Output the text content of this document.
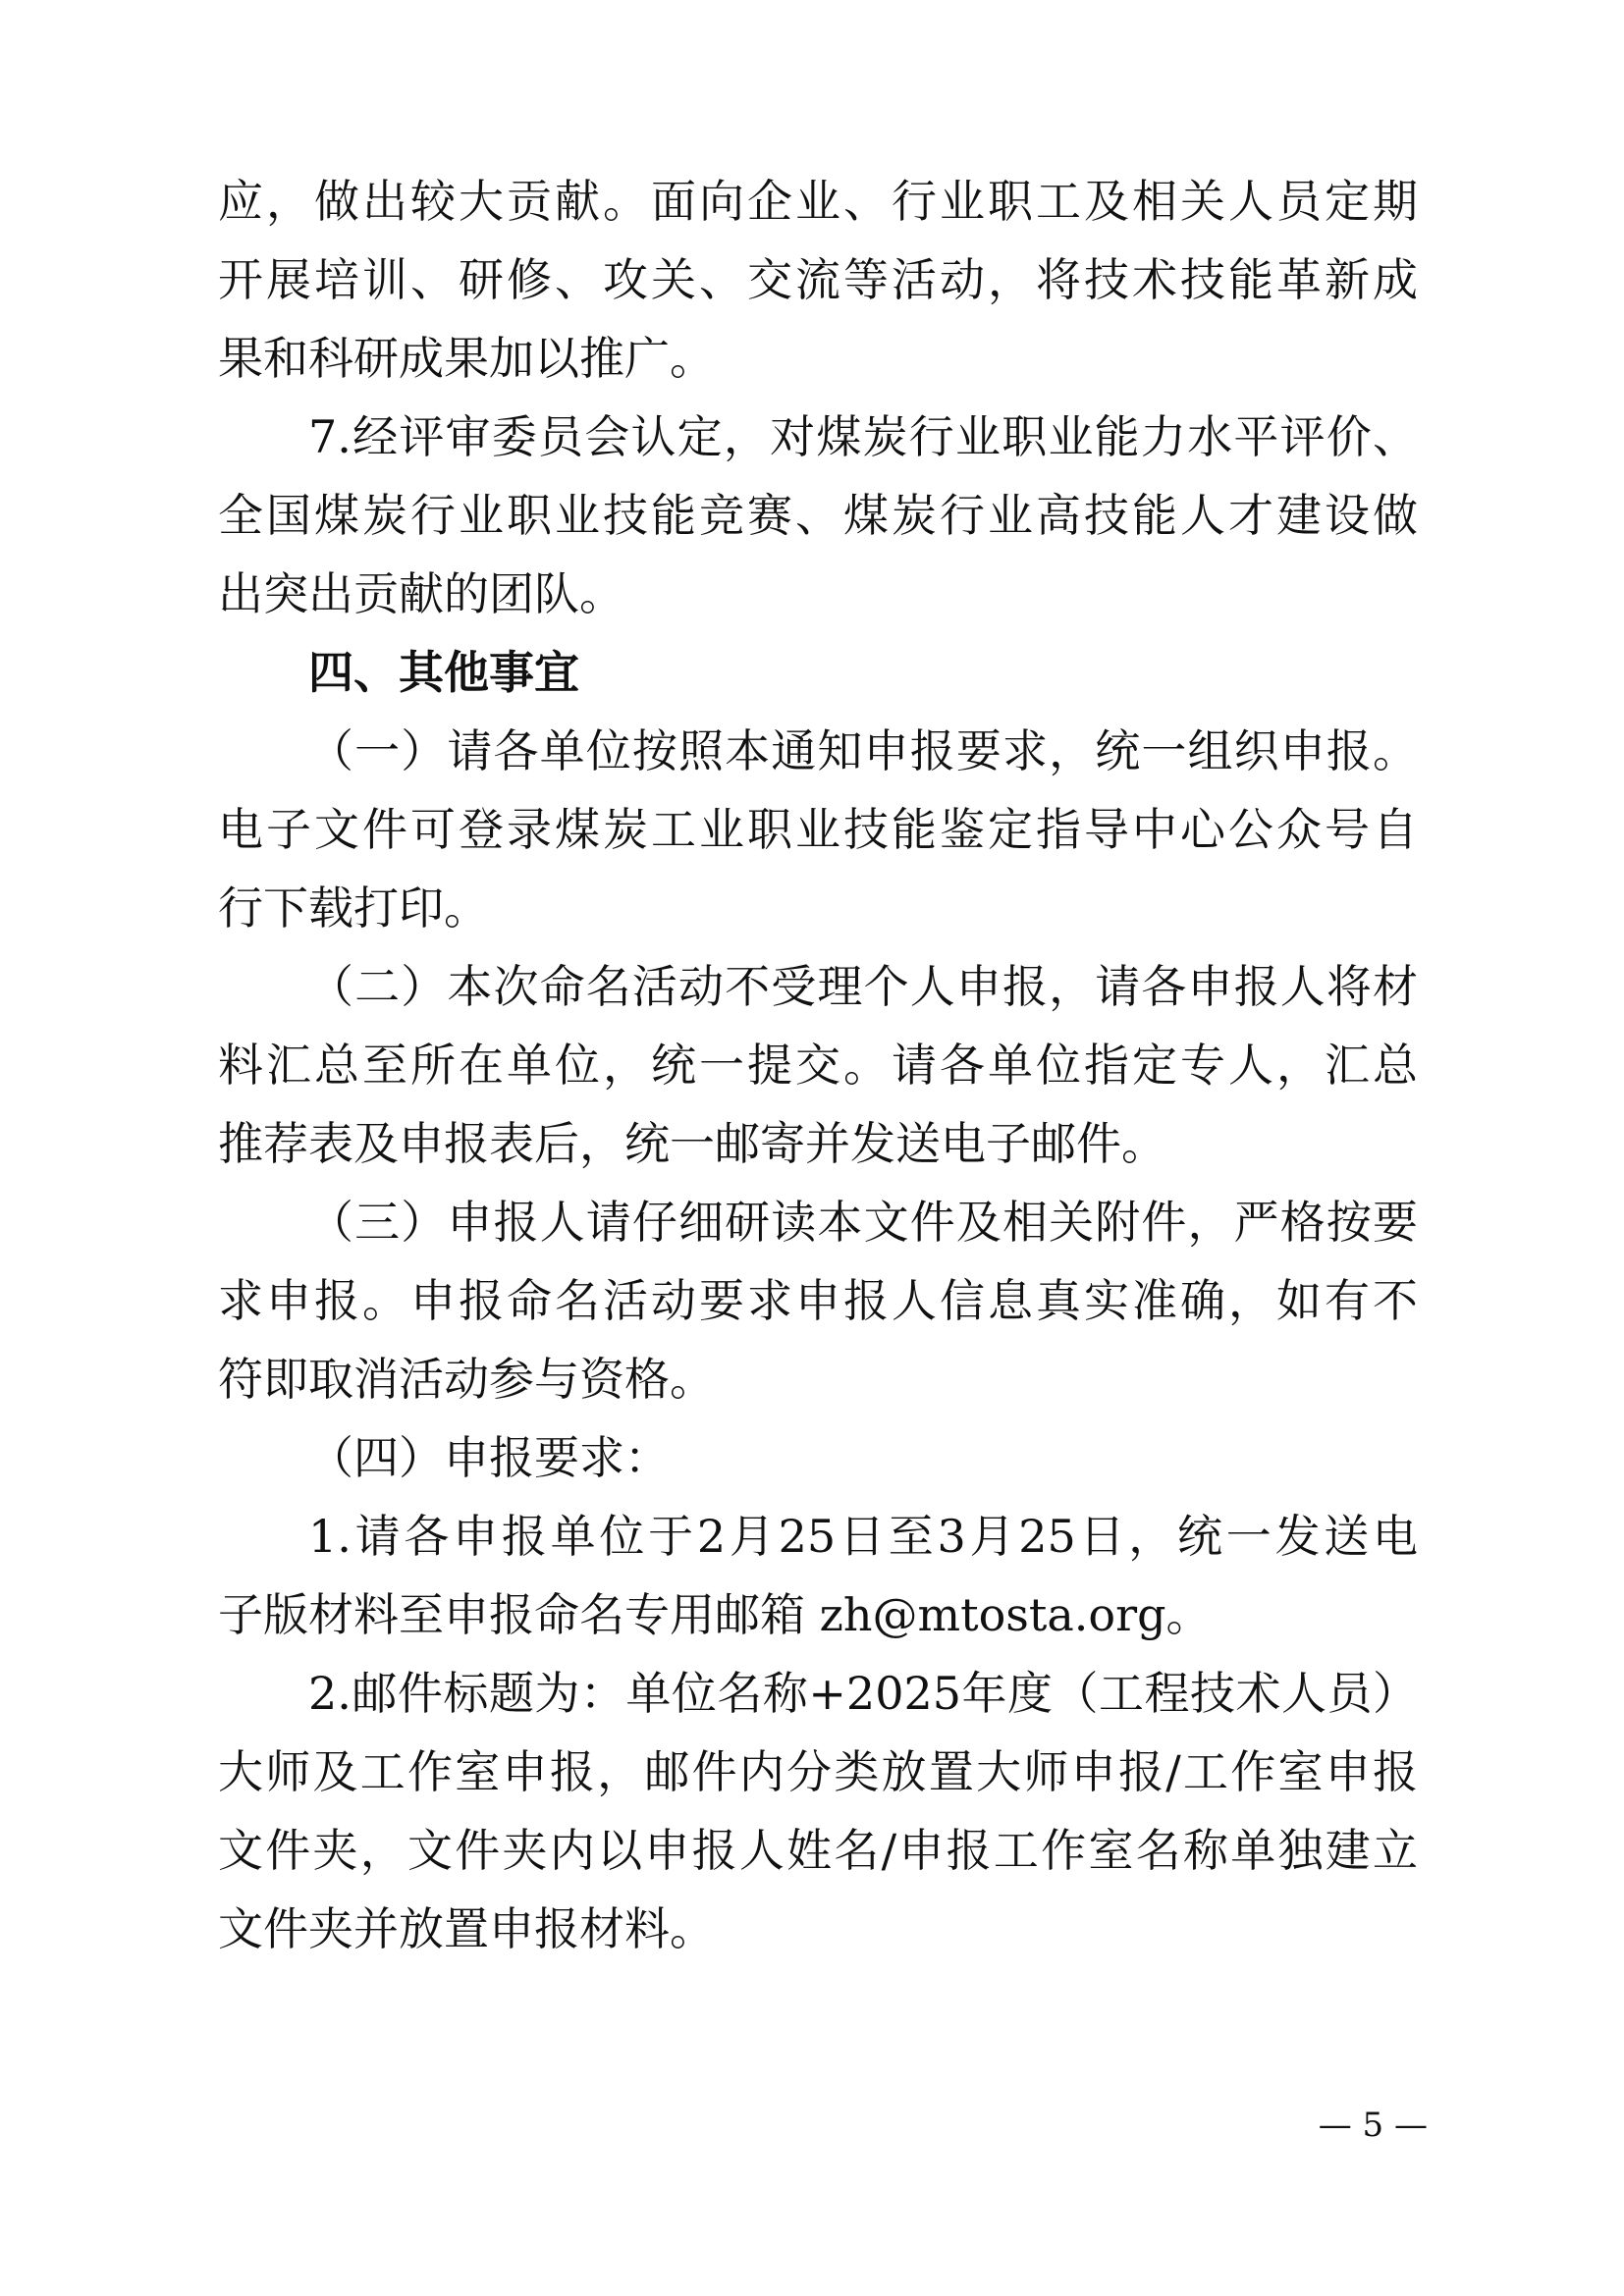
应，做出较大贡献。面向企业、行业职工及相关人员定期
开展培训、研修、攻关、交流等活动，将技术技能革新成
果和科研成果加以推广。
7.经评审委员会认定，对煤炭行业职业能力水平评价、
全国煤炭行业职业技能竞赛、煤炭行业高技能人才建设做
出突出贡献的团队。
四、其他事宜
（一）请各单位按照本通知申报要求，统一组织申报。
电子文件可登录煤炭工业职业技能鉴定指导中心公众号自
行下载打印。
（二）本次命名活动不受理个人申报，请各申报人将材
料汇总至所在单位，统一提交。请各单位指定专人，汇总
推荐表及申报表后，统一邮寄并发送电子邮件。
（三）申报人请仔细研读本文件及相关附件，严格按要
求申报。申报命名活动要求申报人信息真实准确，如有不
符即取消活动参与资格。
（四）申报要求：
1.请各申报单位于2月25日至3月25日，统一发送电
子版材料至申报命名专用邮箱 zh@mtosta.org。
2.邮件标题为：单位名称+2025年度（工程技术人员）
大师及工作室申报，邮件内分类放置大师申报/工作室申报
文件夹，文件夹内以申报人姓名/申报工作室名称单独建立
文件夹并放置申报材料。
— 5 —
